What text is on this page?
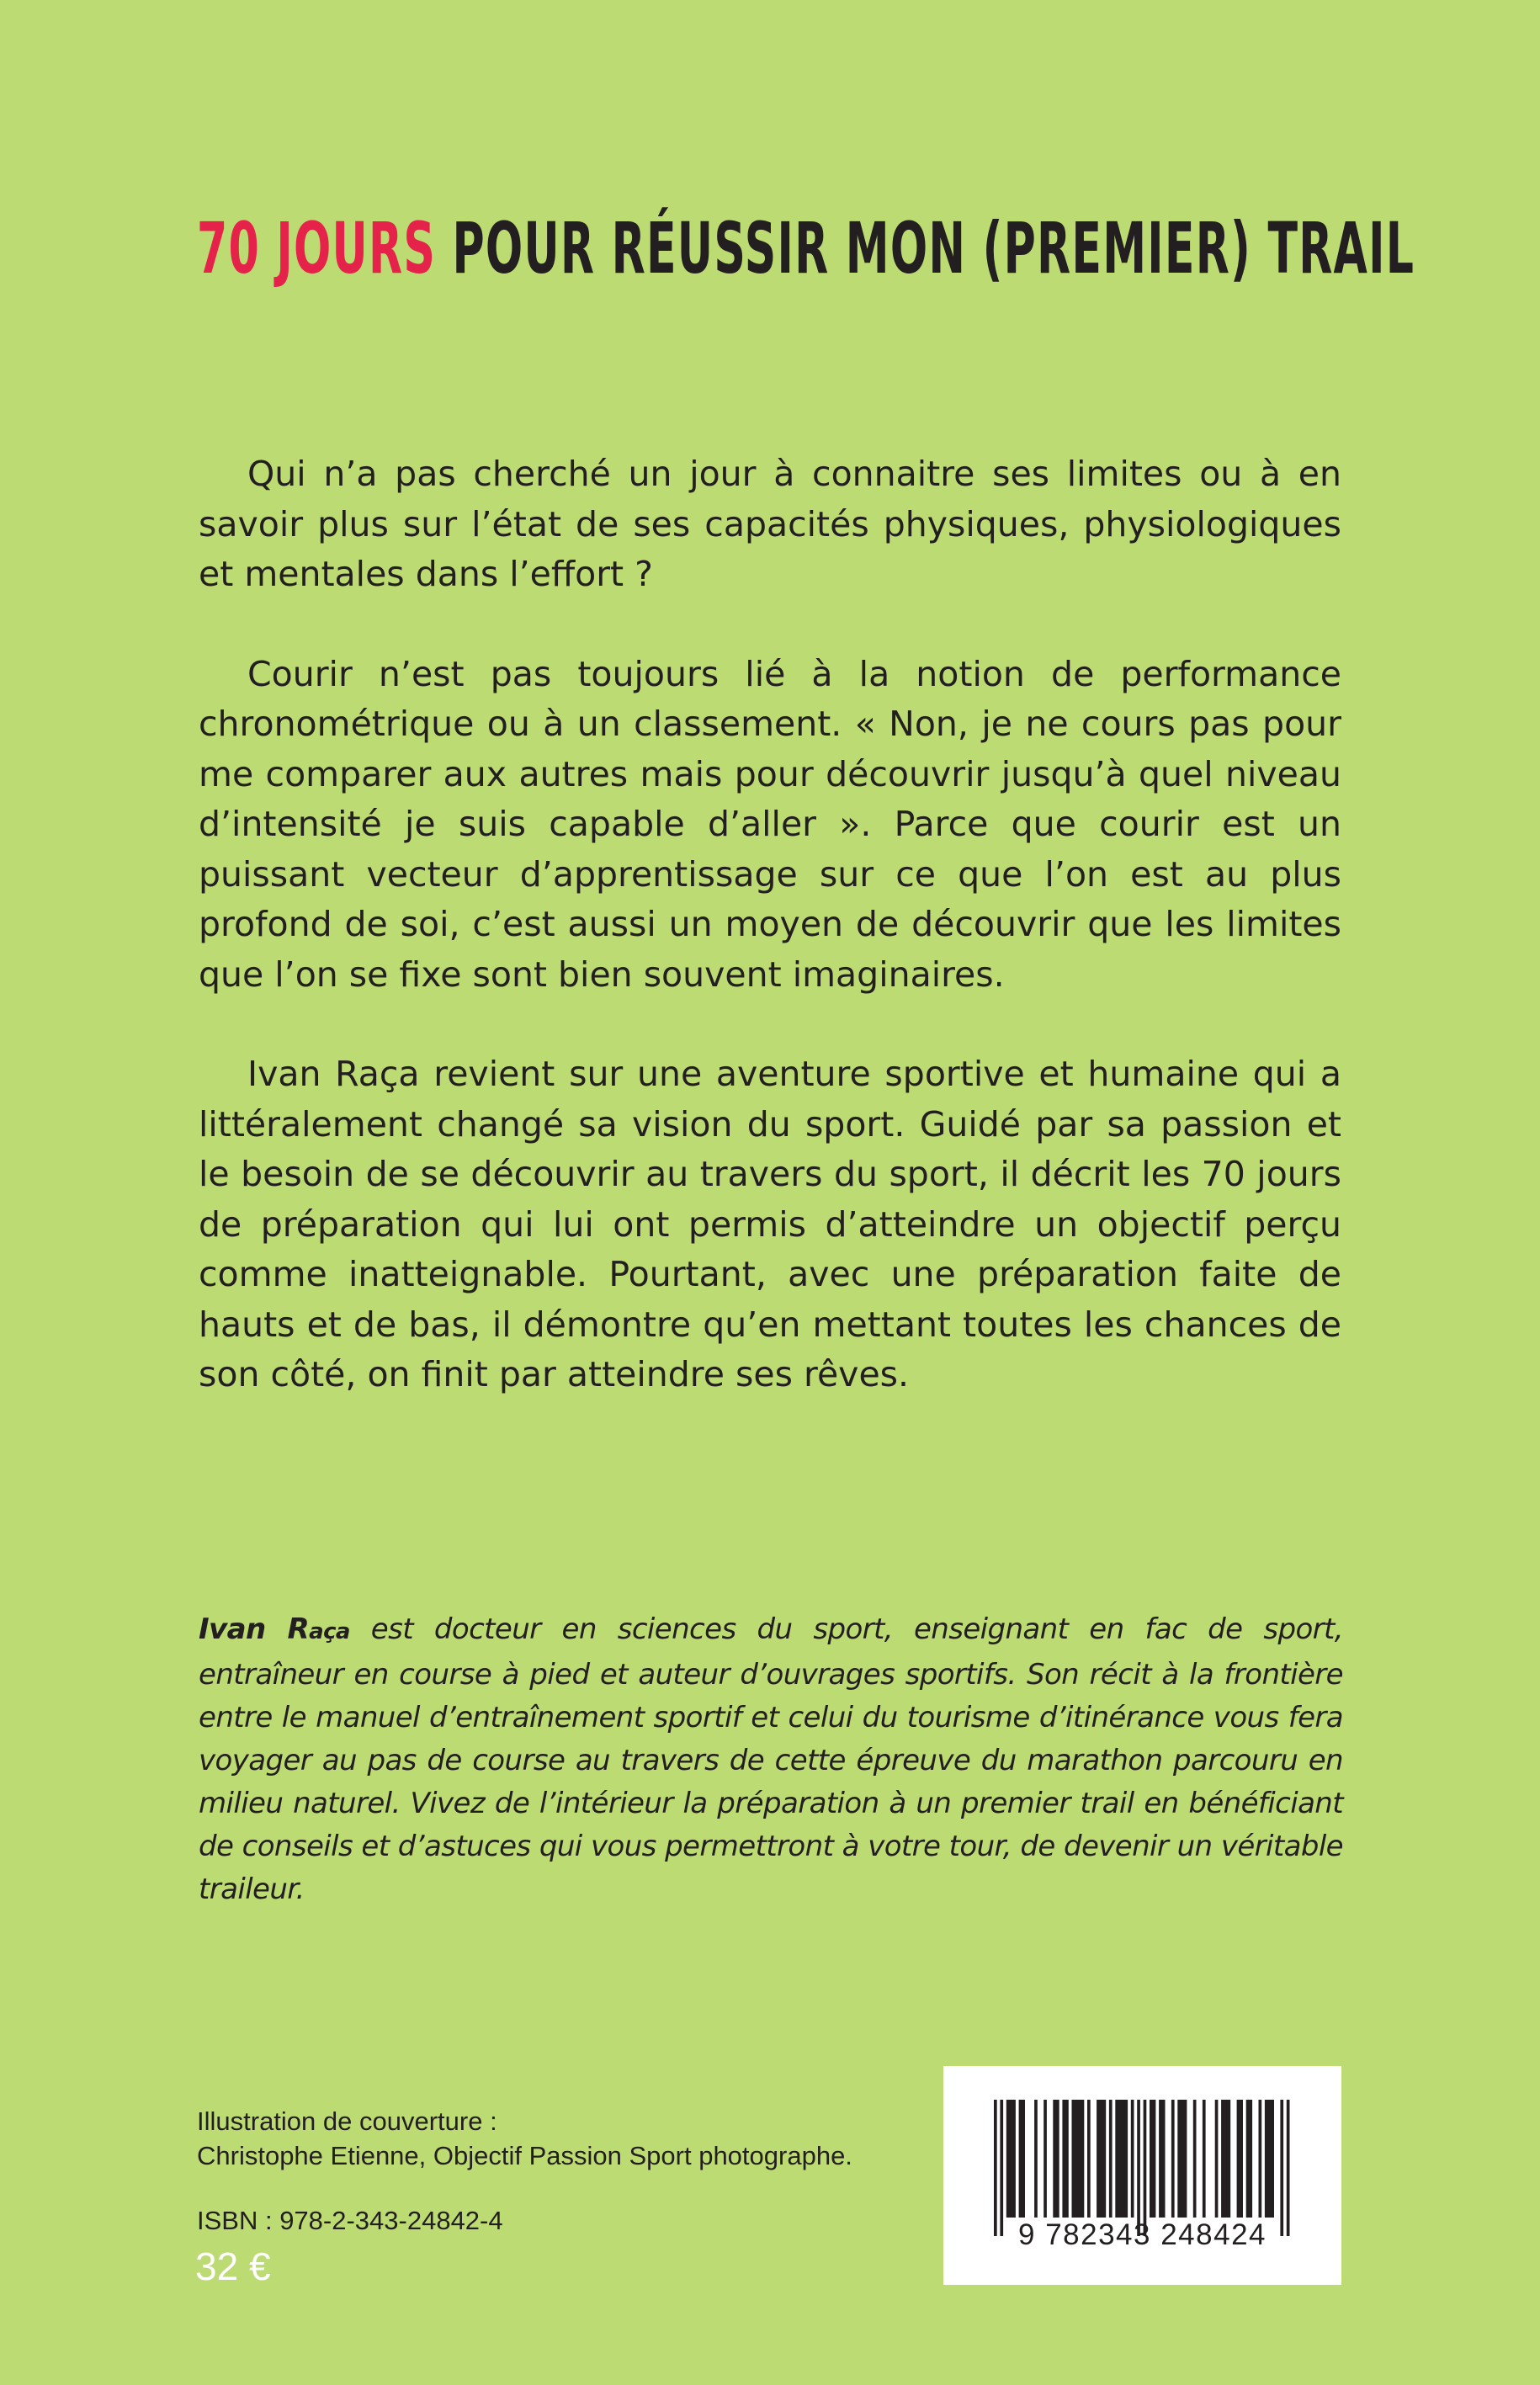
70 JOURS POUR RÉUSSIR MON (PREMIER) TRAIL

Qui n’a pas cherché un jour à connaitre ses limites ou à en savoir plus sur l’état de ses capacités physiques, physiologiques et mentales dans l’effort ?

Courir n’est pas toujours lié à la notion de performance chronométrique ou à un classement. « Non, je ne cours pas pour me comparer aux autres mais pour découvrir jusqu’à quel niveau d’intensité je suis capable d’aller ». Parce que courir est un puissant vecteur d’apprentissage sur ce que l’on est au plus profond de soi, c’est aussi un moyen de découvrir que les limites que l’on se fixe sont bien souvent imaginaires.

Ivan Raça revient sur une aventure sportive et humaine qui a littéralement changé sa vision du sport. Guidé par sa passion et le besoin de se découvrir au travers du sport, il décrit les 70 jours de préparation qui lui ont permis d’atteindre un objectif perçu comme inatteignable. Pourtant, avec une préparation faite de hauts et de bas, il démontre qu’en mettant toutes les chances de son côté, on finit par atteindre ses rêves.

Ivan Raça est docteur en sciences du sport, enseignant en fac de sport, entraîneur en course à pied et auteur d’ouvrages sportifs. Son récit à la frontière entre le manuel d’entraînement sportif et celui du tourisme d’itinérance vous fera voyager au pas de course au travers de cette épreuve du marathon parcouru en milieu naturel. Vivez de l’intérieur la préparation à un premier trail en bénéficiant de conseils et d’astuces qui vous permettront à votre tour, de devenir un véritable traileur.

Illustration de couverture :
Christophe Etienne, Objectif Passion Sport photographe.
ISBN : 978-2-343-24842-4
32 €
9 782343 248424
